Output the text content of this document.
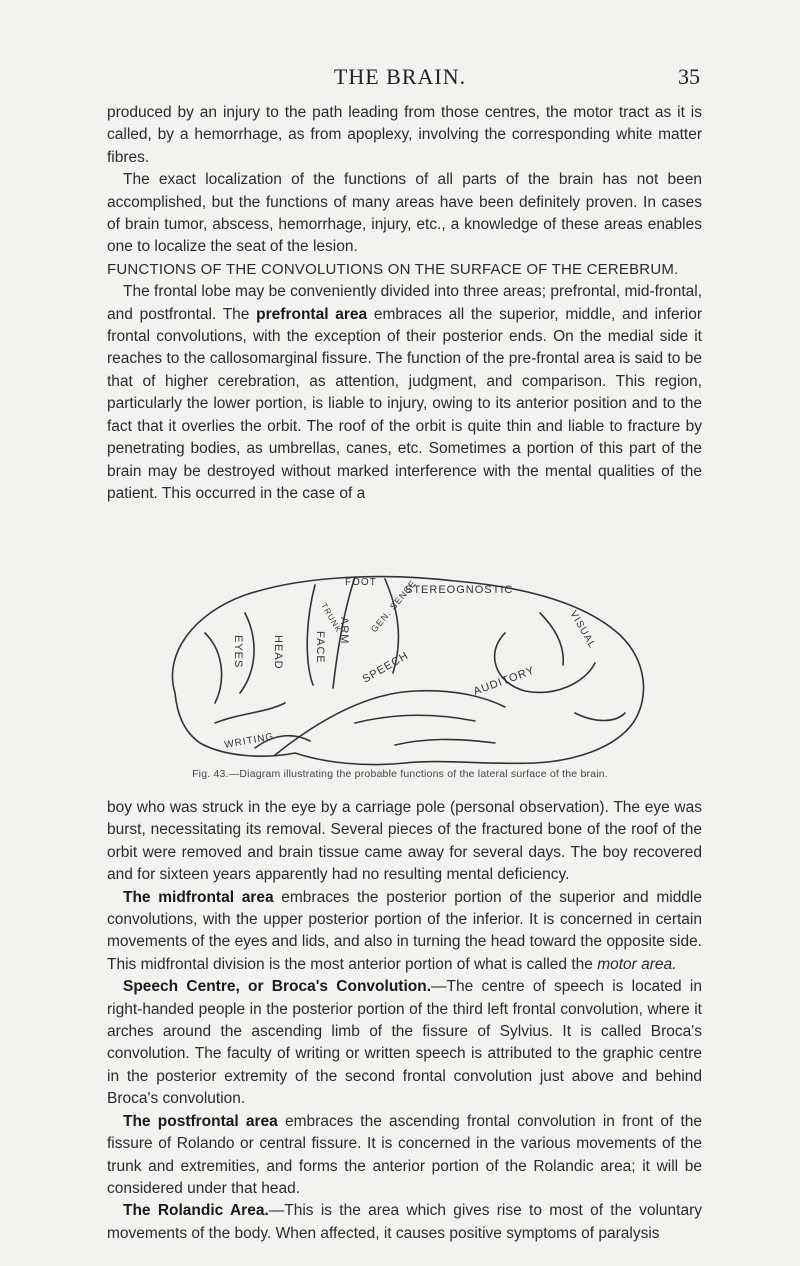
THE BRAIN.	35

produced by an injury to the path leading from those centres, the motor tract as it is called, by a hemorrhage, as from apoplexy, involving the corresponding white matter fibres.

The exact localization of the functions of all parts of the brain has not been accomplished, but the functions of many areas have been definitely proven. In cases of brain tumor, abscess, hemorrhage, injury, etc., a knowledge of these areas enables one to localize the seat of the lesion.

FUNCTIONS OF THE CONVOLUTIONS ON THE SURFACE OF THE CEREBRUM.

The frontal lobe may be conveniently divided into three areas; prefrontal, mid-frontal, and postfrontal. The prefrontal area embraces all the superior, middle, and inferior frontal convolutions, with the exception of their posterior ends. On the medial side it reaches to the callosomarginal fissure. The function of the pre-frontal area is said to be that of higher cerebration, as attention, judgment, and comparison. This region, particularly the lower portion, is liable to injury, owing to its anterior position and to the fact that it overlies the orbit. The roof of the orbit is quite thin and liable to fracture by penetrating bodies, as umbrellas, canes, etc. Sometimes a portion of this part of the brain may be destroyed without marked interference with the mental qualities of the patient. This occurred in the case of a

FOOT
STEREOGNOSTIC
TRUNK
EYES	HEAD	FACE
ARM
SPEECH
GEN. SENSE
AUDITORY
VISUAL
WRITING
Fig. 43.—Diagram illustrating the probable functions of the lateral surface of the brain.

boy who was struck in the eye by a carriage pole (personal observation). The eye was burst, necessitating its removal. Several pieces of the fractured bone of the roof of the orbit were removed and brain tissue came away for several days. The boy recovered and for sixteen years apparently had no resulting mental deficiency.

The midfrontal area embraces the posterior portion of the superior and middle convolutions, with the upper posterior portion of the inferior. It is concerned in certain movements of the eyes and lids, and also in turning the head toward the opposite side. This midfrontal division is the most anterior portion of what is called the motor area.

Speech Centre, or Broca's Convolution.—The centre of speech is located in right-handed people in the posterior portion of the third left frontal convolution, where it arches around the ascending limb of the fissure of Sylvius. It is called Broca's convolution. The faculty of writing or written speech is attributed to the graphic centre in the posterior extremity of the second frontal convolution just above and behind Broca's convolution.

The postfrontal area embraces the ascending frontal convolution in front of the fissure of Rolando or central fissure. It is concerned in the various movements of the trunk and extremities, and forms the anterior portion of the Rolandic area; it will be considered under that head.

The Rolandic Area.—This is the area which gives rise to most of the voluntary movements of the body. When affected, it causes positive symptoms of paralysis
